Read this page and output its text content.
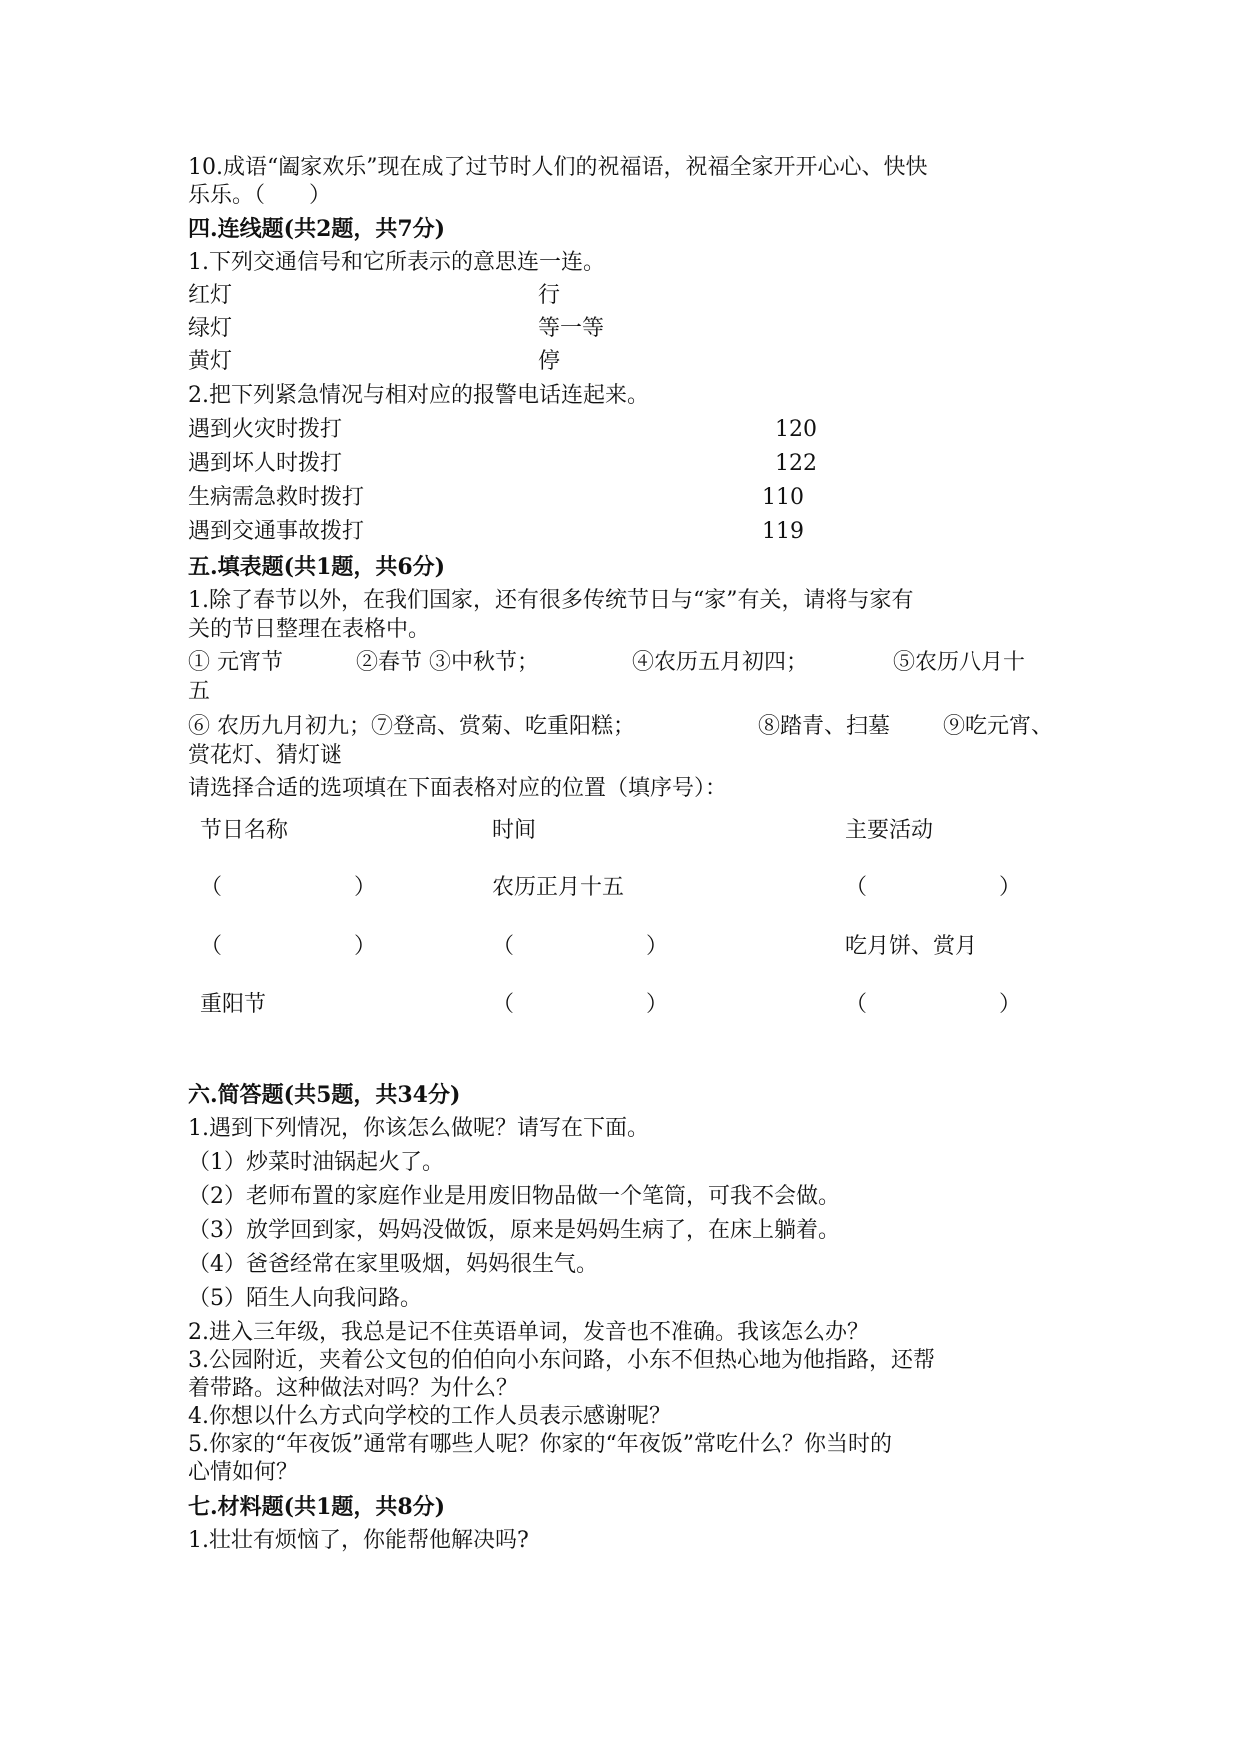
10.成语“阖家欢乐”现在成了过节时人们的祝福语，祝福全家开开心心、快快
乐乐。（　　）
四.连线题(共2题，共7分)
1.下列交通信号和它所表示的意思连一连。
红灯	行
绿灯	等一等
黄灯	停
2.把下列紧急情况与相对应的报警电话连起来。
遇到火灾时拨打	120
遇到坏人时拨打	122
生病需急救时拨打	110
遇到交通事故拨打	119
五.填表题(共1题，共6分)
1.除了春节以外，在我们国家，还有很多传统节日与“家”有关，请将与家有
关的节日整理在表格中。
① 元宵节	②春节 ③中秋节；	④农历五月初四；	⑤农历八月十
五
⑥ 农历九月初九；⑦登高、赏菊、吃重阳糕；	⑧踏青、扫墓 ⑨吃元宵、
赏花灯、猜灯谜
请选择合适的选项填在下面表格对应的位置（填序号）：
节日名称	时间	主要活动
（　　　　　　）	农历正月十五	（　　　　　　）
（　　　　　　）	（　　　　　　）	吃月饼、赏月
重阳节	（　　　　　　）	（　　　　　　）
六.简答题(共5题，共34分)
1.遇到下列情况，你该怎么做呢？请写在下面。
（1）炒菜时油锅起火了。
（2）老师布置的家庭作业是用废旧物品做一个笔筒，可我不会做。
（3）放学回到家，妈妈没做饭，原来是妈妈生病了，在床上躺着。
（4）爸爸经常在家里吸烟，妈妈很生气。
（5）陌生人向我问路。
2.进入三年级，我总是记不住英语单词，发音也不准确。我该怎么办？
3.公园附近，夹着公文包的伯伯向小东问路，小东不但热心地为他指路，还帮
着带路。这种做法对吗？为什么？
4.你想以什么方式向学校的工作人员表示感谢呢？
5.你家的“年夜饭”通常有哪些人呢？你家的“年夜饭”常吃什么？你当时的
心情如何？
七.材料题(共1题，共8分)
1.壮壮有烦恼了，你能帮他解决吗?
